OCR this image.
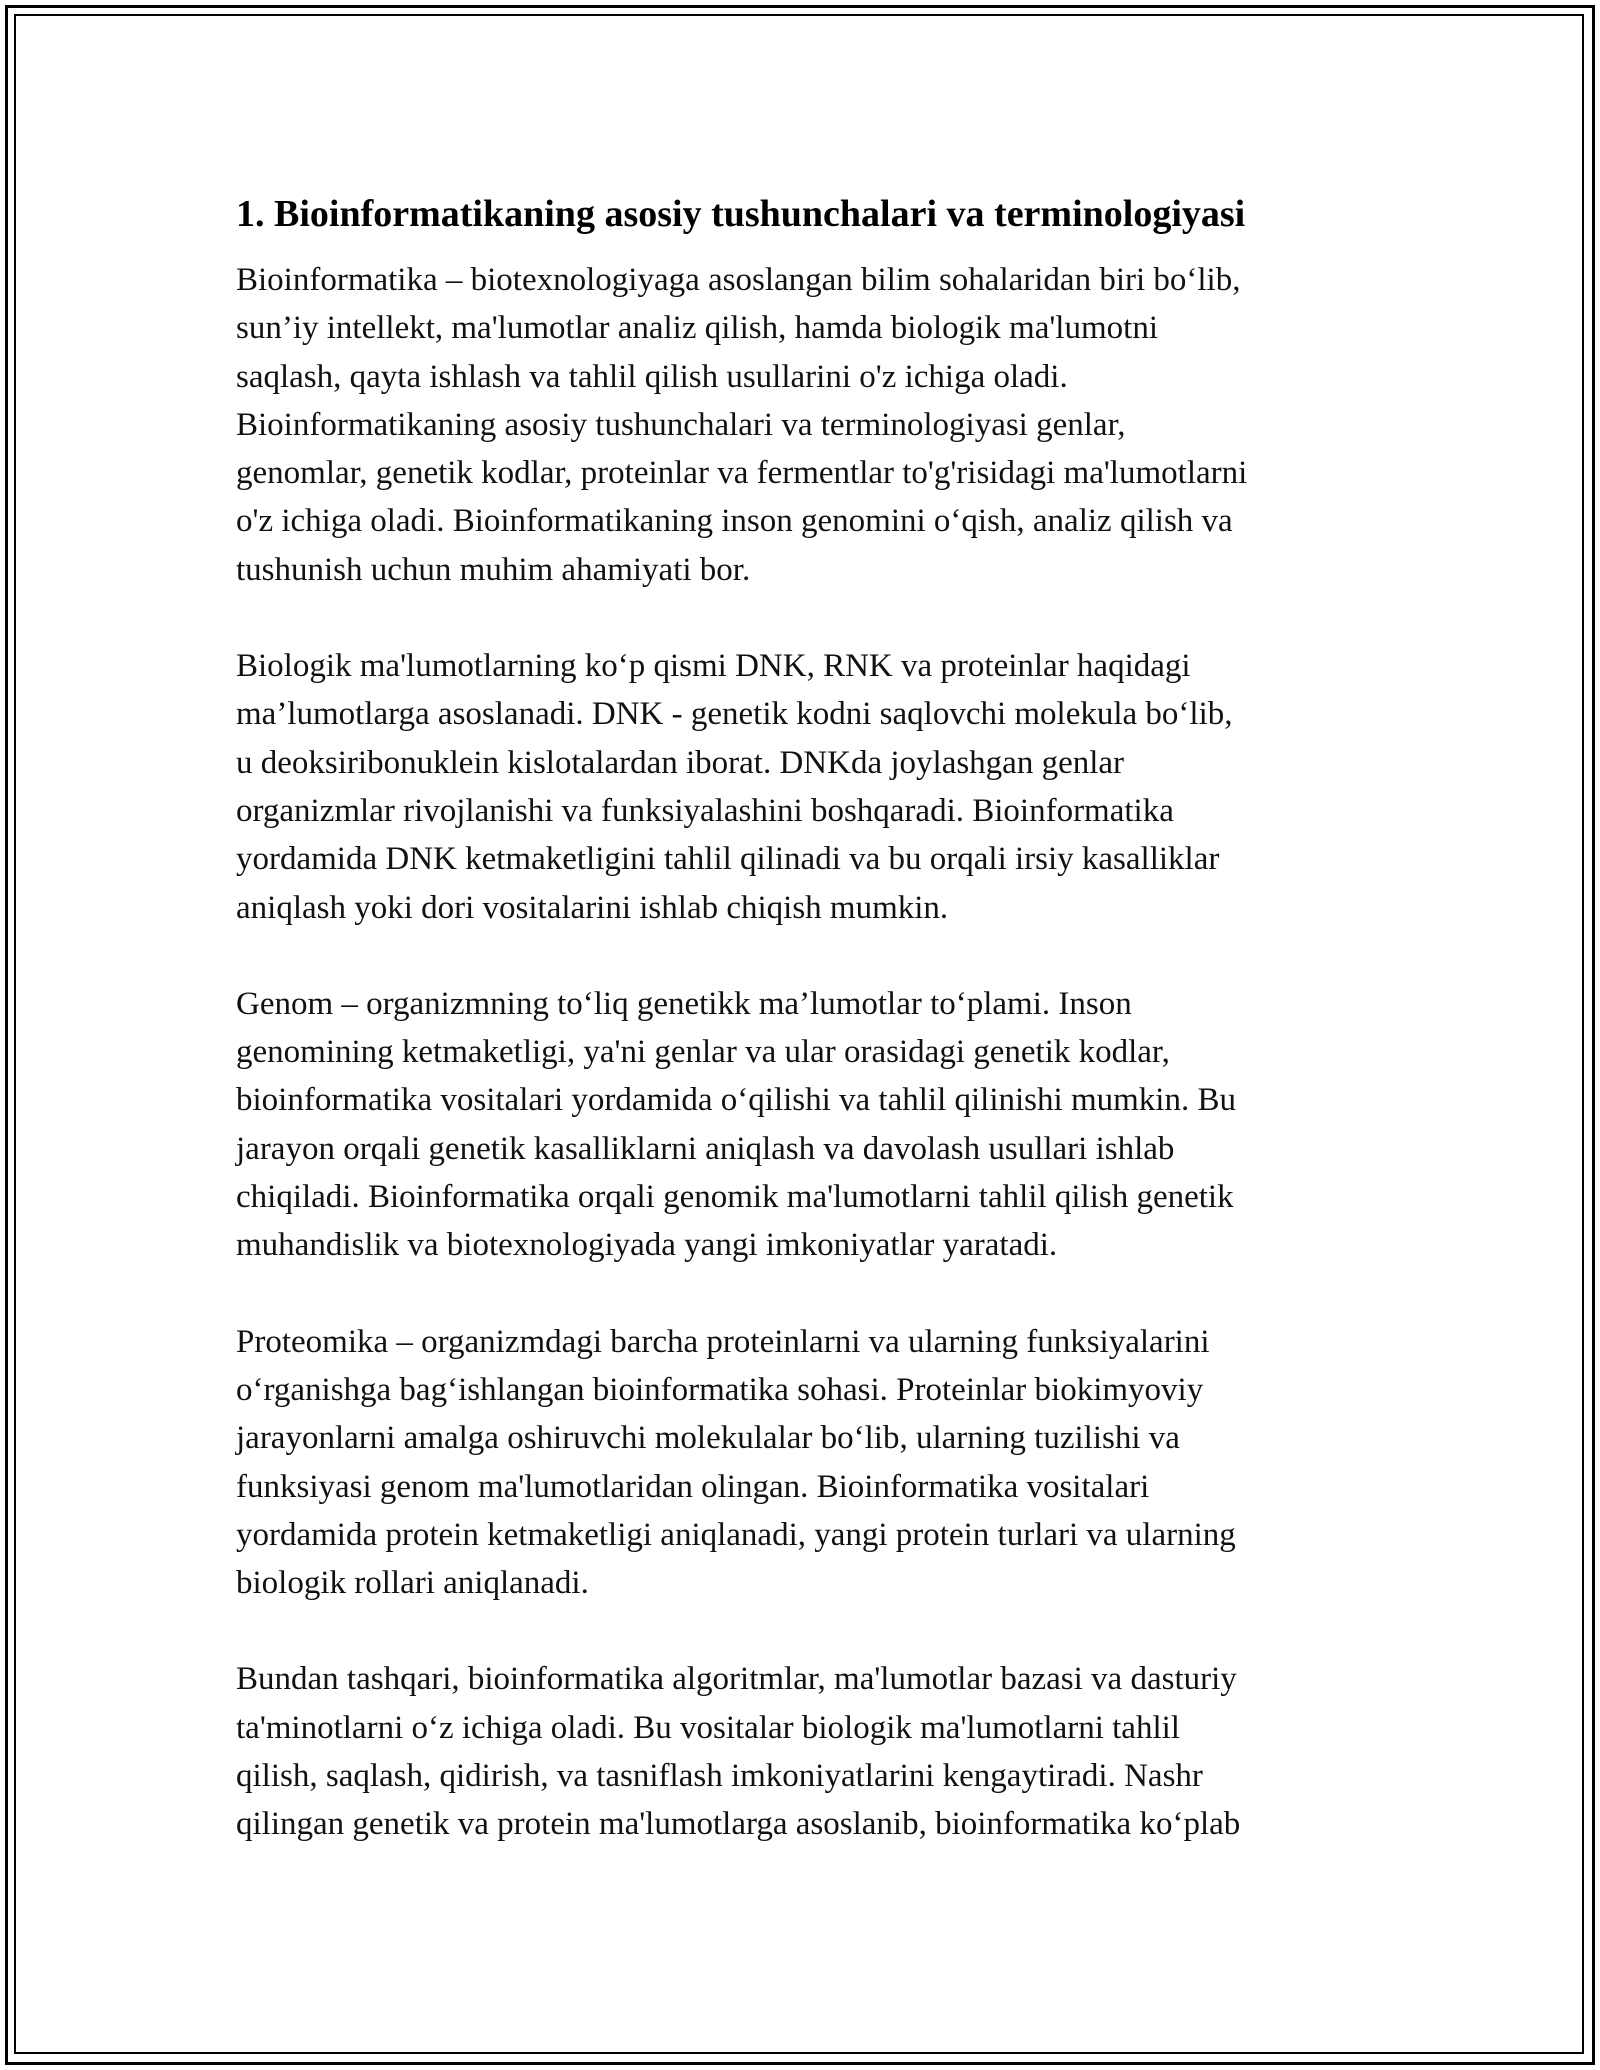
1. Bioinformatikaning asosiy tushunchalari va terminologiyasi
Bioinformatika – biotexnologiyaga asoslangan bilim sohalaridan biri bo‘lib,
sun’iy intellekt, ma'lumotlar analiz qilish, hamda biologik ma'lumotni
saqlash, qayta ishlash va tahlil qilish usullarini o'z ichiga oladi.
Bioinformatikaning asosiy tushunchalari va terminologiyasi genlar,
genomlar, genetik kodlar, proteinlar va fermentlar to'g'risidagi ma'lumotlarni
o'z ichiga oladi. Bioinformatikaning inson genomini o‘qish, analiz qilish va
tushunish uchun muhim ahamiyati bor.
Biologik ma'lumotlarning ko‘p qismi DNK, RNK va proteinlar haqidagi
ma’lumotlarga asoslanadi. DNK - genetik kodni saqlovchi molekula bo‘lib,
u deoksiribonuklein kislotalardan iborat. DNKda joylashgan genlar
organizmlar rivojlanishi va funksiyalashini boshqaradi. Bioinformatika
yordamida DNK ketmaketligini tahlil qilinadi va bu orqali irsiy kasalliklar
aniqlash yoki dori vositalarini ishlab chiqish mumkin.
Genom – organizmning to‘liq genetikk ma’lumotlar to‘plami. Inson
genomining ketmaketligi, ya'ni genlar va ular orasidagi genetik kodlar,
bioinformatika vositalari yordamida o‘qilishi va tahlil qilinishi mumkin. Bu
jarayon orqali genetik kasalliklarni aniqlash va davolash usullari ishlab
chiqiladi. Bioinformatika orqali genomik ma'lumotlarni tahlil qilish genetik
muhandislik va biotexnologiyada yangi imkoniyatlar yaratadi.
Proteomika – organizmdagi barcha proteinlarni va ularning funksiyalarini
o‘rganishga bag‘ishlangan bioinformatika sohasi. Proteinlar biokimyoviy
jarayonlarni amalga oshiruvchi molekulalar bo‘lib, ularning tuzilishi va
funksiyasi genom ma'lumotlaridan olingan. Bioinformatika vositalari
yordamida protein ketmaketligi aniqlanadi, yangi protein turlari va ularning
biologik rollari aniqlanadi.
Bundan tashqari, bioinformatika algoritmlar, ma'lumotlar bazasi va dasturiy
ta'minotlarni o‘z ichiga oladi. Bu vositalar biologik ma'lumotlarni tahlil
qilish, saqlash, qidirish, va tasniflash imkoniyatlarini kengaytiradi. Nashr
qilingan genetik va protein ma'lumotlarga asoslanib, bioinformatika ko‘plab
